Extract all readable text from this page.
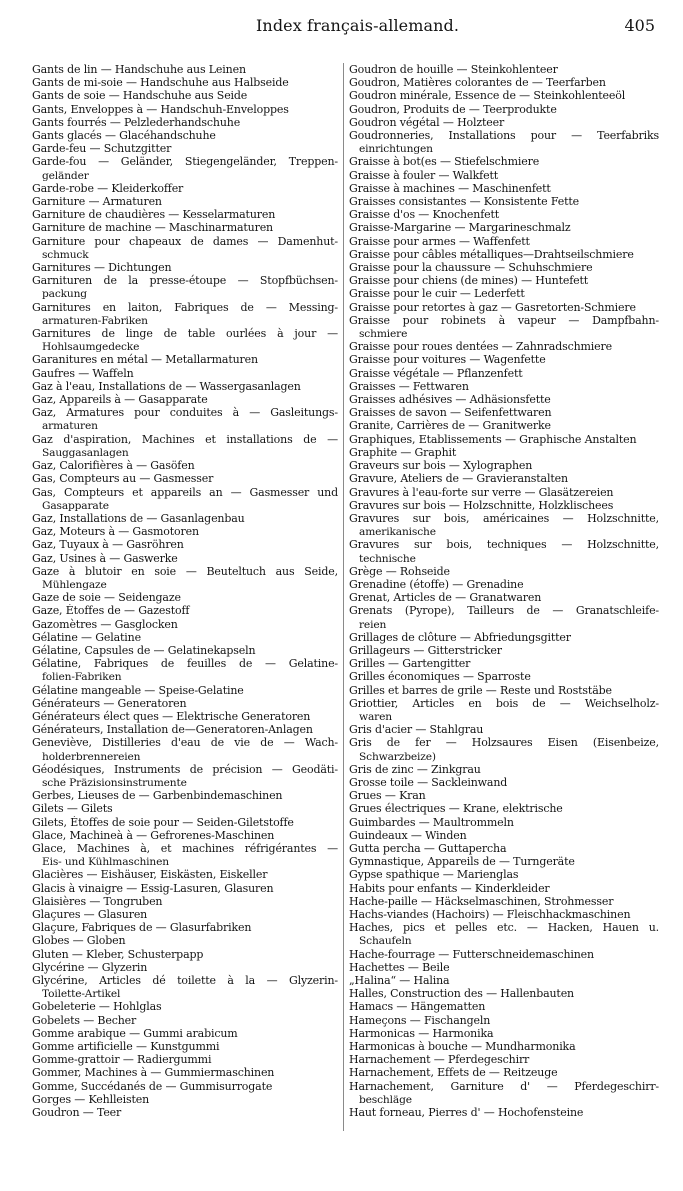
Index français-allemand.	405
Gants de lin — Handschuhe aus Leinen
Gants de mi-soie — Handschuhe aus Halbseide
Gants de soie — Handschuhe aus Seide
Gants, Enveloppes à — Handschuh-Enveloppes
Gants fourrés — Pelzlederhandschuhe
Gants glacés — Glacéhandschuhe
Garde-feu — Schutzgitter
Garde-fou — Geländer, Stiegengeländer, Treppen-
geländer
Garde-robe — Kleiderkoffer
Garniture — Armaturen
Garniture de chaudières — Kesselarmaturen
Garniture de machine — Maschinarmaturen
Garniture pour chapeaux de dames — Damenhut-
schmuck
Garnitures — Dichtungen
Garnituren de la presse-étoupe — Stopfbüchsen-
packung
Garnitures en laiton, Fabriques de — Messing-
armaturen-Fabriken
Garnitures de linge de table ourlées à jour —
Hohlsaumgedecke
Garanitures en métal — Metallarmaturen
Gaufres — Waffeln
Gaz à l'eau, Installations de — Wassergasanlagen
Gaz, Appareils à — Gasapparate
Gaz, Armatures pour conduites à — Gasleitungs-
armaturen
Gaz d'aspiration, Machines et installations de —
Sauggasanlagen
Gaz, Calorifières à — Gasöfen
Gas, Compteurs au — Gasmesser
Gas, Compteurs et appareils an — Gasmesser und
Gasapparate
Gaz, Installations de — Gasanlagenbau
Gaz, Moteurs à — Gasmotoren
Gaz, Tuyaux à — Gasröhren
Gaz, Usines à — Gaswerke
Gaze à blutoir en soie — Beuteltuch aus Seide,
Mühlengaze
Gaze de soie — Seidengaze
Gaze, Étoffes de — Gazestoff
Gazomètres — Gasglocken
Gélatine — Gelatine
Gélatine, Capsules de — Gelatinekapseln
Gélatine, Fabriques de feuilles de — Gelatine-
folien-Fabriken
Gélatine mangeable — Speise-Gelatine
Générateurs — Generatoren
Générateurs élect ques — Elektrische Generatoren
Générateurs, Installation de—Generatoren-Anlagen
Geneviève, Distilleries d'eau de vie de — Wach-
holderbrennereien
Géodésiques, Instruments de précision — Geodäti-
sche Präzisionsinstrumente
Gerbes, Lieuses de — Garbenbindemaschinen
Gilets — Gilets
Gilets, Étoffes de soie pour — Seiden-Giletstoffe
Glace, Machineà à — Gefrorenes-Maschinen
Glace, Machines à, et machines réfrigérantes —
Eis- und Kühlmaschinen
Glacières — Eishäuser, Eiskästen, Eiskeller
Glacis à vinaigre — Essig-Lasuren, Glasuren
Glaisières — Tongruben
Glaçures — Glasuren
Glaçure, Fabriques de — Glasurfabriken
Globes — Globen
Gluten — Kleber, Schusterpapp
Glycérine — Glyzerin
Glycérine, Articles dé toilette à la — Glyzerin-
Toilette-Artikel
Gobeleterie — Hohlglas
Gobelets — Becher
Gomme arabique — Gummi arabicum
Gomme artificielle — Kunstgummi
Gomme-grattoir — Radiergummi
Gommer, Machines à — Gummiermaschinen
Gomme, Succédanés de — Gummisurrogate
Gorges — Kehlleisten
Goudron — Teer
Goudron de houille — Steinkohlenteer
Goudron, Matières colorantes de — Teerfarben
Goudron minérale, Essence de — Steinkohlenteeöl
Goudron, Produits de — Teerprodukte
Goudron végétal — Holzteer
Goudronneries, Installations pour — Teerfabriks
einrichtungen
Graisse à bot(es — Stiefelschmiere
Graisse à fouler — Walkfett
Graisse à machines — Maschinenfett
Graisses consistantes — Konsistente Fette
Graisse d'os — Knochenfett
Graisse-Margarine — Margarineschmalz
Graisse pour armes — Waffenfett
Graisse pour câbles métalliques—Drahtseilschmiere
Graisse pour la chaussure — Schuhschmiere
Graisse pour chiens (de mines) — Huntefett
Graisse pour le cuir — Lederfett
Graisse pour retortes à gaz — Gasretorten-Schmiere
Graisse pour robinets à vapeur — Dampfbahn-
schmiere
Graisse pour roues dentées — Zahnradschmiere
Graisse pour voitures — Wagenfette
Graisse végétale — Pflanzenfett
Graisses — Fettwaren
Graisses adhésives — Adhäsionsfette
Graisses de savon — Seifenfettwaren
Granite, Carrières de — Granitwerke
Graphiques, Etablissements — Graphische Anstalten
Graphite — Graphit
Graveurs sur bois — Xylographen
Gravure, Ateliers de — Gravieranstalten
Gravures à l'eau-forte sur verre — Glasätzereien
Gravures sur bois — Holzschnitte, Holzklischees
Gravures sur bois, américaines — Holzschnitte,
amerikanische
Gravures sur bois, techniques — Holzschnitte,
technische
Grège — Rohseide
Grenadine (étoffe) — Grenadine
Grenat, Articles de — Granatwaren
Grenats (Pyrope), Tailleurs de — Granatschleife-
reien
Grillages de clôture — Abfriedungsgitter
Grillageurs — Gitterstricker
Grilles — Gartengitter
Grilles économiques — Sparroste
Grilles et barres de grile — Reste und Roststäbe
Griottier, Articles en bois de — Weichselholz-
waren
Gris d'acier — Stahlgrau
Gris de fer — Holzsaures Eisen (Eisenbeize,
Schwarzbeize)
Gris de zinc — Zinkgrau
Grosse toile — Sackleinwand
Grues — Kran
Grues électriques — Krane, elektrische
Guimbardes — Maultrommeln
Guindeaux — Winden
Gutta percha — Guttapercha
Gymnastique, Appareils de — Turngeräte
Gypse spathique — Marienglas
Habits pour enfants — Kinderkleider
Hache-paille — Häckselmaschinen, Strohmesser
Hachs-viandes (Hachoirs) — Fleischhackmaschinen
Haches, pics et pelles etc. — Hacken, Hauen u.
Schaufeln
Hache-fourrage — Futterschneidemaschinen
Hachettes — Beile
„Halina“ — Halina
Halles, Construction des — Hallenbauten
Hamacs — Hängematten
Hameçons — Fischangeln
Harmonicas — Harmonika
Harmonicas à bouche — Mundharmonika
Harnachement — Pferdegeschirr
Harnachement, Effets de — Reitzeuge
Harnachement, Garniture d' — Pferdegeschirr-
beschläge
Haut forneau, Pierres d' — Hochofensteine
